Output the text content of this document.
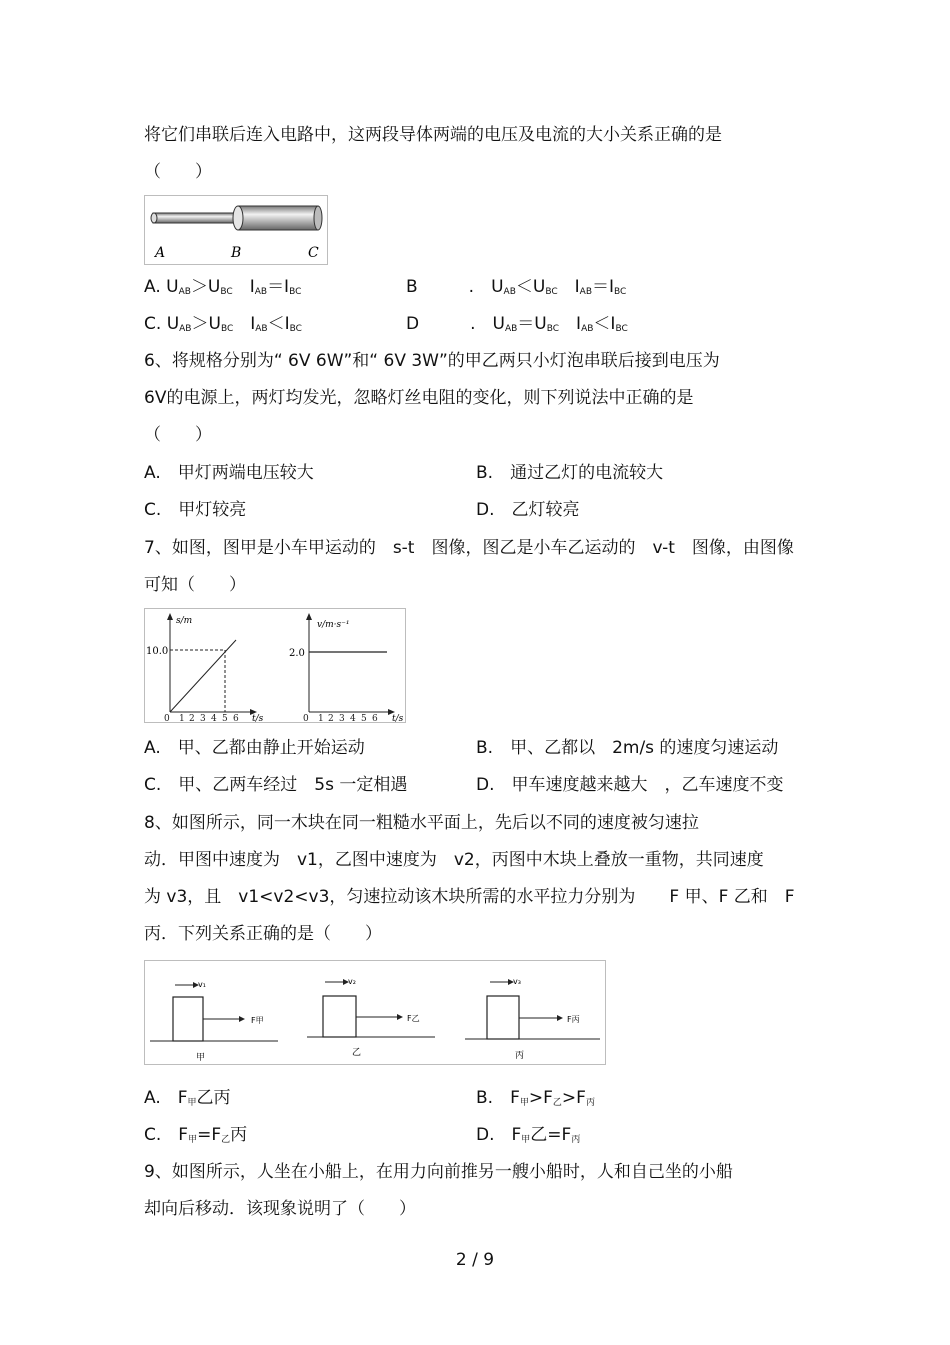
将它们串联后连入电路中，这两段导体两端的电压及电流的大小关系正确的是
（　　）
A	B	C
A. $U_{AB}>U_{BC}$　$I_{AB}=I_{BC}$	B　　　	.　$U_{AB}<U_{BC}$　$I_{AB}=I_{BC}$
C. $U_{AB}>U_{BC}$　$I_{AB}<I_{BC}$	D　　　	.　$U_{AB}=U_{BC}$　$I_{AB}<I_{BC}$
6、将规格分别为“ 6V 6W”和“ 6V 3W”的甲乙两只小灯泡串联后接到电压为
6V的电源上，两灯均发光，忽略灯丝电阻的变化，则下列说法中正确的是
（　　）
A.　甲灯两端电压较大	B.　通过乙灯的电流较大
C.　甲灯较亮	D.　乙灯较亮
7、如图，图甲是小车甲运动的　s-t　图像，图乙是小车乙运动的　v-t　图像，由图像
可知（　　）
s/m
10.0
0 1 2 3 4 5 6 t/s
v/m·s⁻¹
2.0
0 1 2 3 4 5 6 t/s
A.　甲、乙都由静止开始运动	B.　甲、乙都以　2m/s 的速度匀速运动
C.　甲、乙两车经过　5s 一定相遇	D.　甲车速度越来越大　，乙车速度不变
8、如图所示，同一木块在同一粗糙水平面上，先后以不同的速度被匀速拉
动．甲图中速度为　v1，乙图中速度为　v2，丙图中木块上叠放一重物，共同速度
为 v3，且　v1<v2<v3，匀速拉动该木块所需的水平拉力分别为　　F 甲、F 乙和　F
丙．下列关系正确的是（　　）
v₁
F甲
甲
v₂
F乙
乙
v₃
F丙
丙
A.　$F_甲$乙丙	B.　$F_甲>F_乙>F_丙$
C.　$F_甲=F_乙$丙	D.　$F_甲$乙$=F_丙$
9、如图所示，人坐在小船上，在用力向前推另一艘小船时，人和自己坐的小船
却向后移动．该现象说明了（　　）
2 / 9
